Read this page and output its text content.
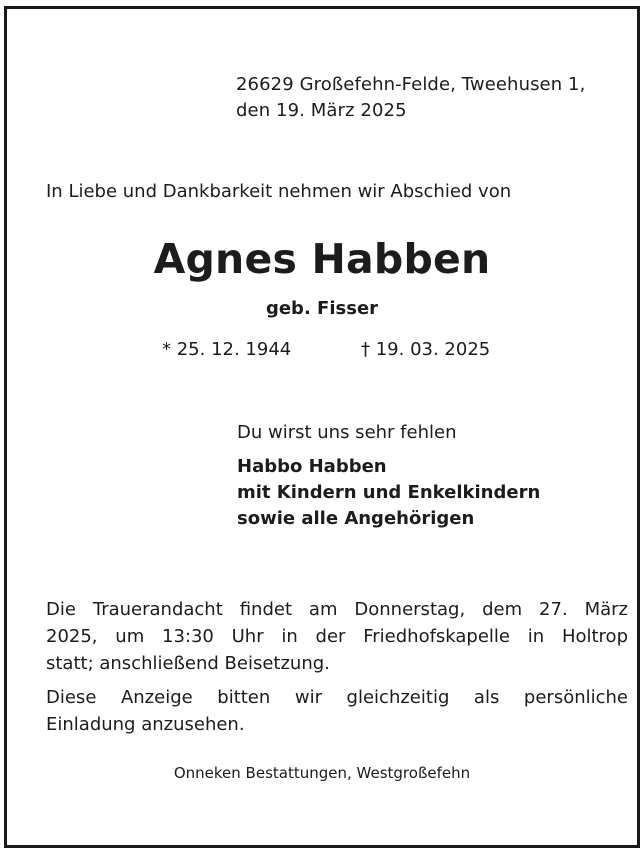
26629 Großefehn-Felde, Tweehusen 1,
den 19. März 2025
In Liebe und Dankbarkeit nehmen wir Abschied von
Agnes Habben
geb. Fisser
* 25. 12. 1944	† 19. 03. 2025
Du wirst uns sehr fehlen
Habbo Habben
mit Kindern und Enkelkindern
sowie alle Angehörigen
Die Trauerandacht findet am Donnerstag, dem 27. März
2025, um 13:30 Uhr in der Friedhofskapelle in Holtrop
statt; anschließend Beisetzung.
Diese Anzeige bitten wir gleichzeitig als persönliche
Einladung anzusehen.
Onneken Bestattungen, Westgroßefehn
